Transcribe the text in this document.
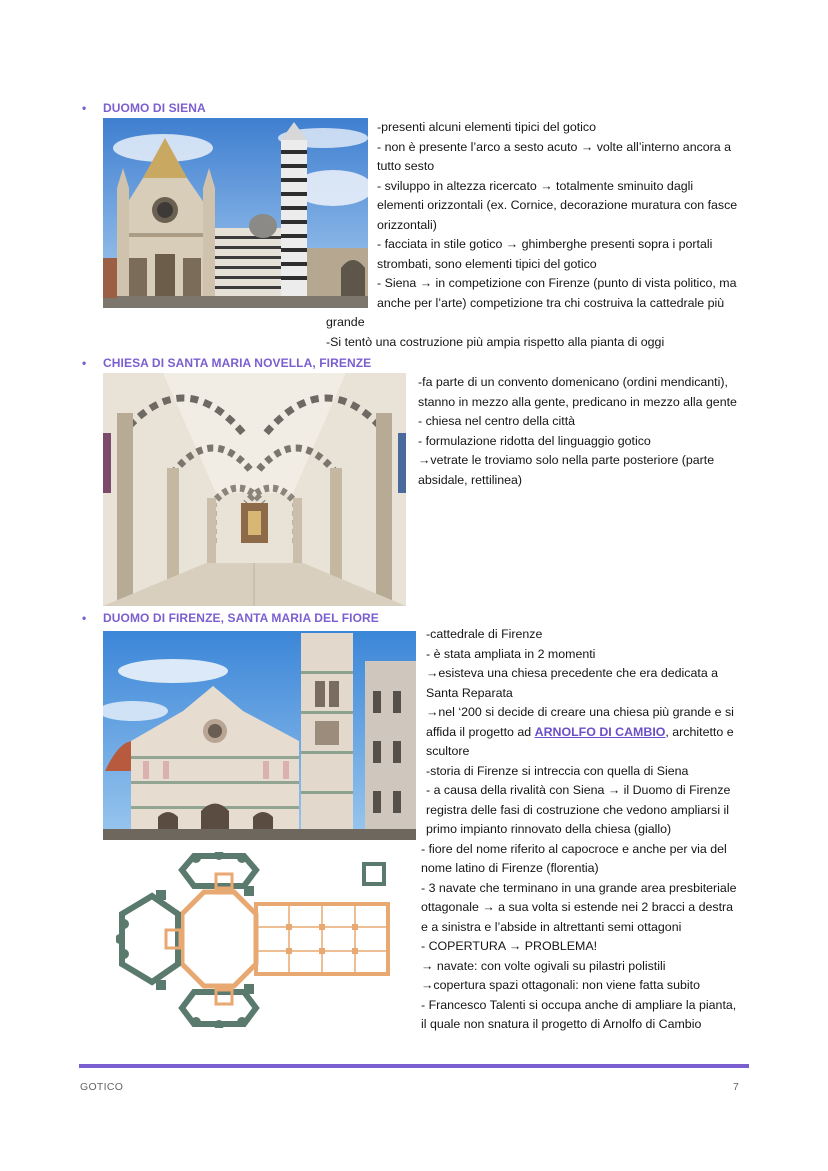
• DUOMO DI SIENA
-presenti alcuni elementi tipici del gotico
- non è presente l’arco a sesto acuto → volte all’interno ancora a
tutto sesto
- sviluppo in altezza ricercato → totalmente sminuito dagli
elementi orizzontali (ex. Cornice, decorazione muratura con fasce
orizzontali)
- facciata in stile gotico → ghimberghe presenti sopra i portali
strombati, sono elementi tipici del gotico
- Siena → in competizione con Firenze (punto di vista politico, ma
anche per l’arte) competizione tra chi costruiva la cattedrale più
grande
-Si tentò una costruzione più ampia rispetto alla pianta di oggi
• CHIESA DI SANTA MARIA NOVELLA, FIRENZE
-fa parte di un convento domenicano (ordini mendicanti),
stanno in mezzo alla gente, predicano in mezzo alla gente
- chiesa nel centro della città
- formulazione ridotta del linguaggio gotico
→vetrate le troviamo solo nella parte posteriore (parte
absidale, rettilinea)
• DUOMO DI FIRENZE, SANTA MARIA DEL FIORE
-cattedrale di Firenze
- è stata ampliata in 2 momenti
→esisteva una chiesa precedente che era dedicata a
Santa Reparata
→nel ‘200 si decide di creare una chiesa più grande e si
affida il progetto ad ARNOLFO DI CAMBIO, architetto e
scultore
-storia di Firenze si intreccia con quella di Siena
- a causa della rivalità con Siena → il Duomo di Firenze
registra delle fasi di costruzione che vedono ampliarsi il
primo impianto rinnovato della chiesa (giallo)
- fiore del nome riferito al capocroce e anche per via del
nome latino di Firenze (florentia)
- 3 navate che terminano in una grande area presbiteriale
ottagonale → a sua volta si estende nei 2 bracci a destra
e a sinistra e l’abside in altrettanti semi ottagoni
- COPERTURA → PROBLEMA!
→ navate: con volte ogivali su pilastri polistili
→copertura spazi ottagonali: non viene fatta subito
- Francesco Talenti si occupa anche di ampliare la pianta,
il quale non snatura il progetto di Arnolfo di Cambio
GOTICO	7
